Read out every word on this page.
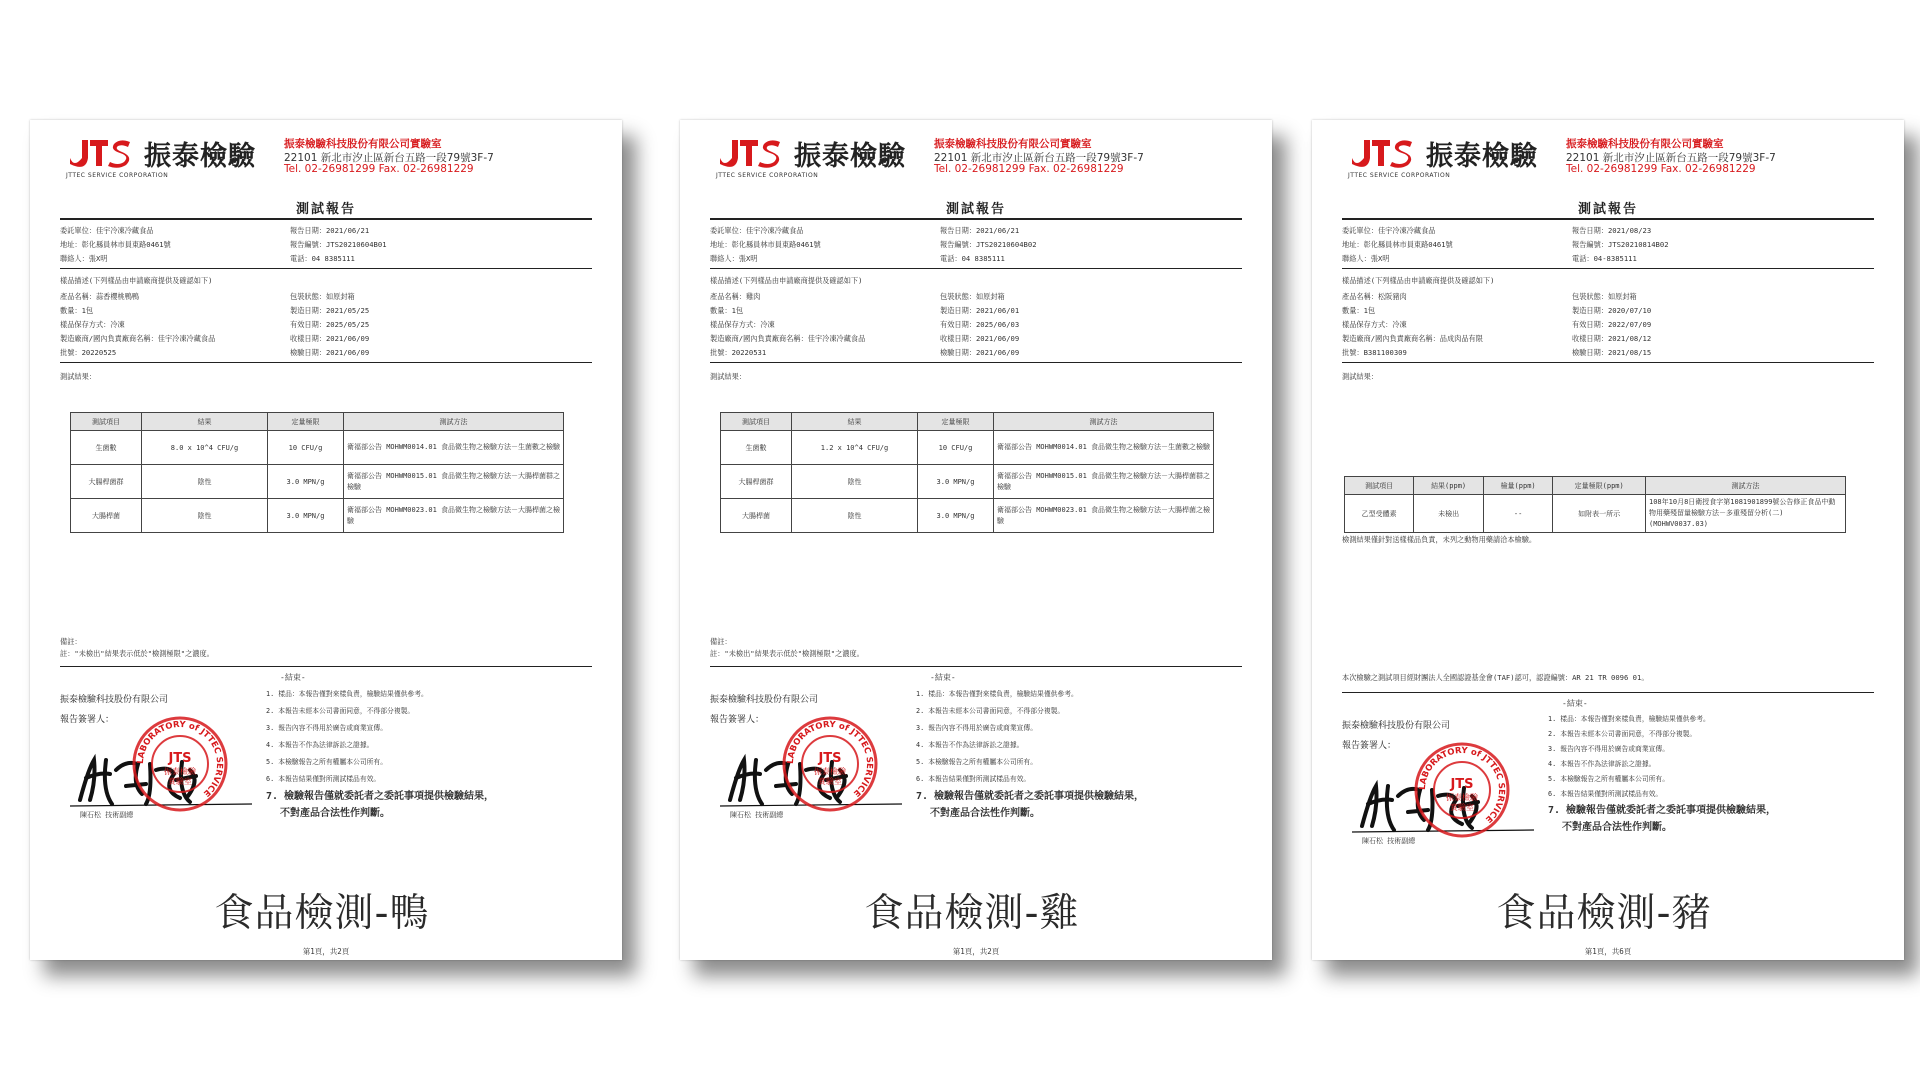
JTTEC SERVICE CORPORATION
振泰檢驗	振泰檢驗科技股份有限公司實驗室
22101 新北市汐止區新台五路一段79號3F-7
Tel. 02-26981299 Fax. 02-26981229
測試報告
委託單位：佳宇冷凍冷藏食品
地址：彰化縣員林市員東路0461號
聯絡人：張X明
報告日期：2021/06/21
報告編號：JTS20210604B01
電話：04 8385111
樣品描述(下列樣品由申請廠商提供及確認如下)
產品名稱：蒜香櫻桃鴨鴨
數量：1包
樣品保存方式：冷凍
製造廠商/國內負責廠商名稱：佳宇冷凍冷藏食品
批號：20220525
包裝狀態：如原封箱
製造日期：2021/05/25
有效日期：2025/05/25
收樣日期：2021/06/09
檢驗日期：2021/06/09
測試結果：
測試項目	結果	定量極限	測試方法
生菌數	8.0 x 10^4 CFU/g	10 CFU/g	衛福部公告 MOHWM0014.01 食品微生物之檢驗方法－生菌數之檢驗
大腸桿菌群	陰性	3.0 MPN/g	衛福部公告 MOHWM0015.01 食品微生物之檢驗方法－大腸桿菌群之檢驗
大腸桿菌	陰性	3.0 MPN/g	衛福部公告 MOHWM0023.01 食品微生物之檢驗方法－大腸桿菌之檢驗
備註：
註："未檢出"結果表示低於"檢測極限"之濃度。
-結束-
振泰檢驗科技股份有限公司
報告簽署人：
LABORATORY of JTTEC SERVICE
JTS
振泰檢驗
實驗室
陳石松 技術副總
1. 樣品：本報告僅對來樣負責，檢驗結果僅供參考。
2. 本報告未經本公司書面同意，不得部分複製。
3. 報告內容不得用於廣告或商業宣傳。
4. 本報告不作為法律訴訟之證據。
5. 本檢驗報告之所有權屬本公司所有。
6. 本報告結果僅對所測試樣品有效。
7. 檢驗報告僅就委託者之委託事項提供檢驗結果，
不對產品合法性作判斷。
第1頁，共2頁
食品檢測-鴨
JTTEC SERVICE CORPORATION
振泰檢驗	振泰檢驗科技股份有限公司實驗室
22101 新北市汐止區新台五路一段79號3F-7
Tel. 02-26981299 Fax. 02-26981229
測試報告
委託單位：佳宇冷凍冷藏食品
地址：彰化縣員林市員東路0461號
聯絡人：張X明
報告日期：2021/06/21
報告編號：JTS20210604B02
電話：04 8385111
樣品描述(下列樣品由申請廠商提供及確認如下)
產品名稱：雞肉
數量：1包
樣品保存方式：冷凍
製造廠商/國內負責廠商名稱：佳宇冷凍冷藏食品
批號：20220531
包裝狀態：如原封箱
製造日期：2021/06/01
有效日期：2025/06/03
收樣日期：2021/06/09
檢驗日期：2021/06/09
測試結果：
測試項目	結果	定量極限	測試方法
生菌數	1.2 x 10^4 CFU/g	10 CFU/g	衛福部公告 MOHWM0014.01 食品微生物之檢驗方法－生菌數之檢驗
大腸桿菌群	陰性	3.0 MPN/g	衛福部公告 MOHWM0015.01 食品微生物之檢驗方法－大腸桿菌群之檢驗
大腸桿菌	陰性	3.0 MPN/g	衛福部公告 MOHWM0023.01 食品微生物之檢驗方法－大腸桿菌之檢驗
備註：
註："未檢出"結果表示低於"檢測極限"之濃度。
-結束-
振泰檢驗科技股份有限公司
報告簽署人：
LABORATORY of JTTEC SERVICE
JTS
振泰檢驗
實驗室
陳石松 技術副總
1. 樣品：本報告僅對來樣負責，檢驗結果僅供參考。
2. 本報告未經本公司書面同意，不得部分複製。
3. 報告內容不得用於廣告或商業宣傳。
4. 本報告不作為法律訴訟之證據。
5. 本檢驗報告之所有權屬本公司所有。
6. 本報告結果僅對所測試樣品有效。
7. 檢驗報告僅就委託者之委託事項提供檢驗結果，
不對產品合法性作判斷。
第1頁，共2頁
食品檢測-雞
JTTEC SERVICE CORPORATION
振泰檢驗	振泰檢驗科技股份有限公司實驗室
22101 新北市汐止區新台五路一段79號3F-7
Tel. 02-26981299 Fax. 02-26981229
測試報告
委託單位：佳宇冷凍冷藏食品
地址：彰化縣員林市員東路0461號
聯絡人：張X明
報告日期：2021/08/23
報告編號：JTS20210814B02
電話：04-8385111
樣品描述(下列樣品由申請廠商提供及確認如下)
產品名稱：松阪豬肉
數量：1包
樣品保存方式：冷凍
製造廠商/國內負責廠商名稱：品成肉品有限
批號：B381100309
包裝狀態：如原封箱
製造日期：2020/07/10
有效日期：2022/07/09
收樣日期：2021/08/12
檢驗日期：2021/08/15
測試結果：
測試項目	結果(ppm)	檢量(ppm)	定量極限(ppm)	測試方法
乙型受體素	未檢出	--	如附表一所示	108年10月8日衛授食字第1081901899號公告修正食品中動物用藥殘留量檢驗方法－多重殘留分析(二)(MOHWV0037.03)
檢測結果僅針對送樣樣品負責，未列之動物用藥請洽本檢驗。
本次檢驗之測試項目經財團法人全國認證基金會(TAF)認可，認證編號：AR 21 TR 0096 01。
-結束-
振泰檢驗科技股份有限公司
報告簽署人：
LABORATORY of JTTEC SERVICE
JTS
振泰檢驗
實驗室
陳石松 技術副總
1. 樣品：本報告僅對來樣負責，檢驗結果僅供參考。
2. 本報告未經本公司書面同意，不得部分複製。
3. 報告內容不得用於廣告或商業宣傳。
4. 本報告不作為法律訴訟之證據。
5. 本檢驗報告之所有權屬本公司所有。
6. 本報告結果僅對所測試樣品有效。
7. 檢驗報告僅就委託者之委託事項提供檢驗結果，
不對產品合法性作判斷。
第1頁，共6頁
食品檢測-豬
